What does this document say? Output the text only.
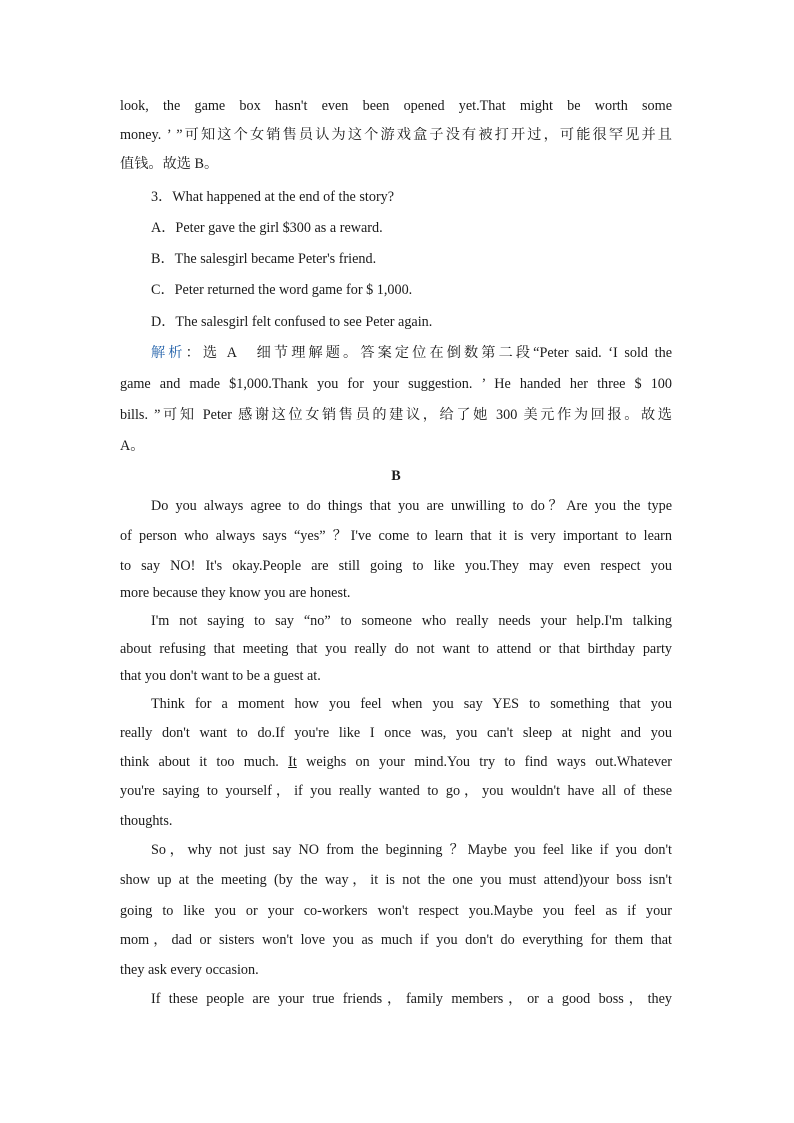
look, the game box hasn't even been opened yet.That might be worth some
money. ’ ”可知这个女销售员认为这个游戏盒子没有被打开过，可能很罕见并且
值钱。故选 B。
3．What happened at the end of the story?
A．Peter gave the girl $300 as a reward.
B．The salesgirl became Peter's friend.
C．Peter returned the word game for $ 1,000.
D．The salesgirl felt confused to see Peter again.
解析：选 A　细节理解题。答案定位在倒数第二段“Peter said. ‘I sold the
game and made $1,000.Thank you for your suggestion. ’ He handed her three $ 100
bills. ”可知 Peter 感谢这位女销售员的建议，给了她 300 美元作为回报。故选
A。
B
Do you always agree to do things that you are unwilling to do？Are you the type
of person who always says “yes” ？I've come to learn that it is very important to learn
to say NO! It's okay.People are still going to like you.They may even respect you
more because they know you are honest.
I'm not saying to say “no” to someone who really needs your help.I'm talking
about refusing that meeting that you really do not want to attend or that birthday party
that you don't want to be a guest at.
Think for a moment how you feel when you say YES to something that you
really don't want to do.If you're like I once was, you can't sleep at night and you
think about it too much. It weighs on your mind.You try to find ways out.Whatever
you're saying to yourself，if you really wanted to go，you wouldn't have all of these
thoughts.
So，why not just say NO from the beginning ？Maybe you feel like if you don't
show up at the meeting (by the way，it is not the one you must attend)your boss isn't
going to like you or your co-workers won't respect you.Maybe you feel as if your
mom，dad or sisters won't love you as much if you don't do everything for them that
they ask every occasion.
If these people are your true friends，family members，or a good boss，they
